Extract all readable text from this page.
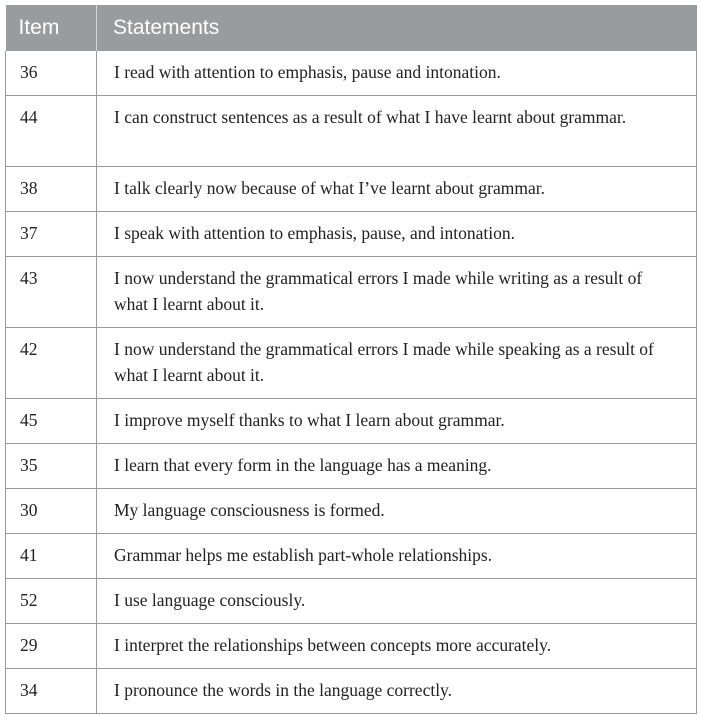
Item	Statements
36	I read with attention to emphasis, pause and intonation.
44	I can construct sentences as a result of what I have learnt about grammar.
38	I talk clearly now because of what I’ve learnt about grammar.
37	I speak with attention to emphasis, pause, and intonation.
43	I now understand the grammatical errors I made while writing as a result of what I learnt about it.
42	I now understand the grammatical errors I made while speaking as a result of what I learnt about it.
45	I improve myself thanks to what I learn about grammar.
35	I learn that every form in the language has a meaning.
30	My language consciousness is formed.
41	Grammar helps me establish part-whole relationships.
52	I use language consciously.
29	I interpret the relationships between concepts more accurately.
34	I pronounce the words in the language correctly.
